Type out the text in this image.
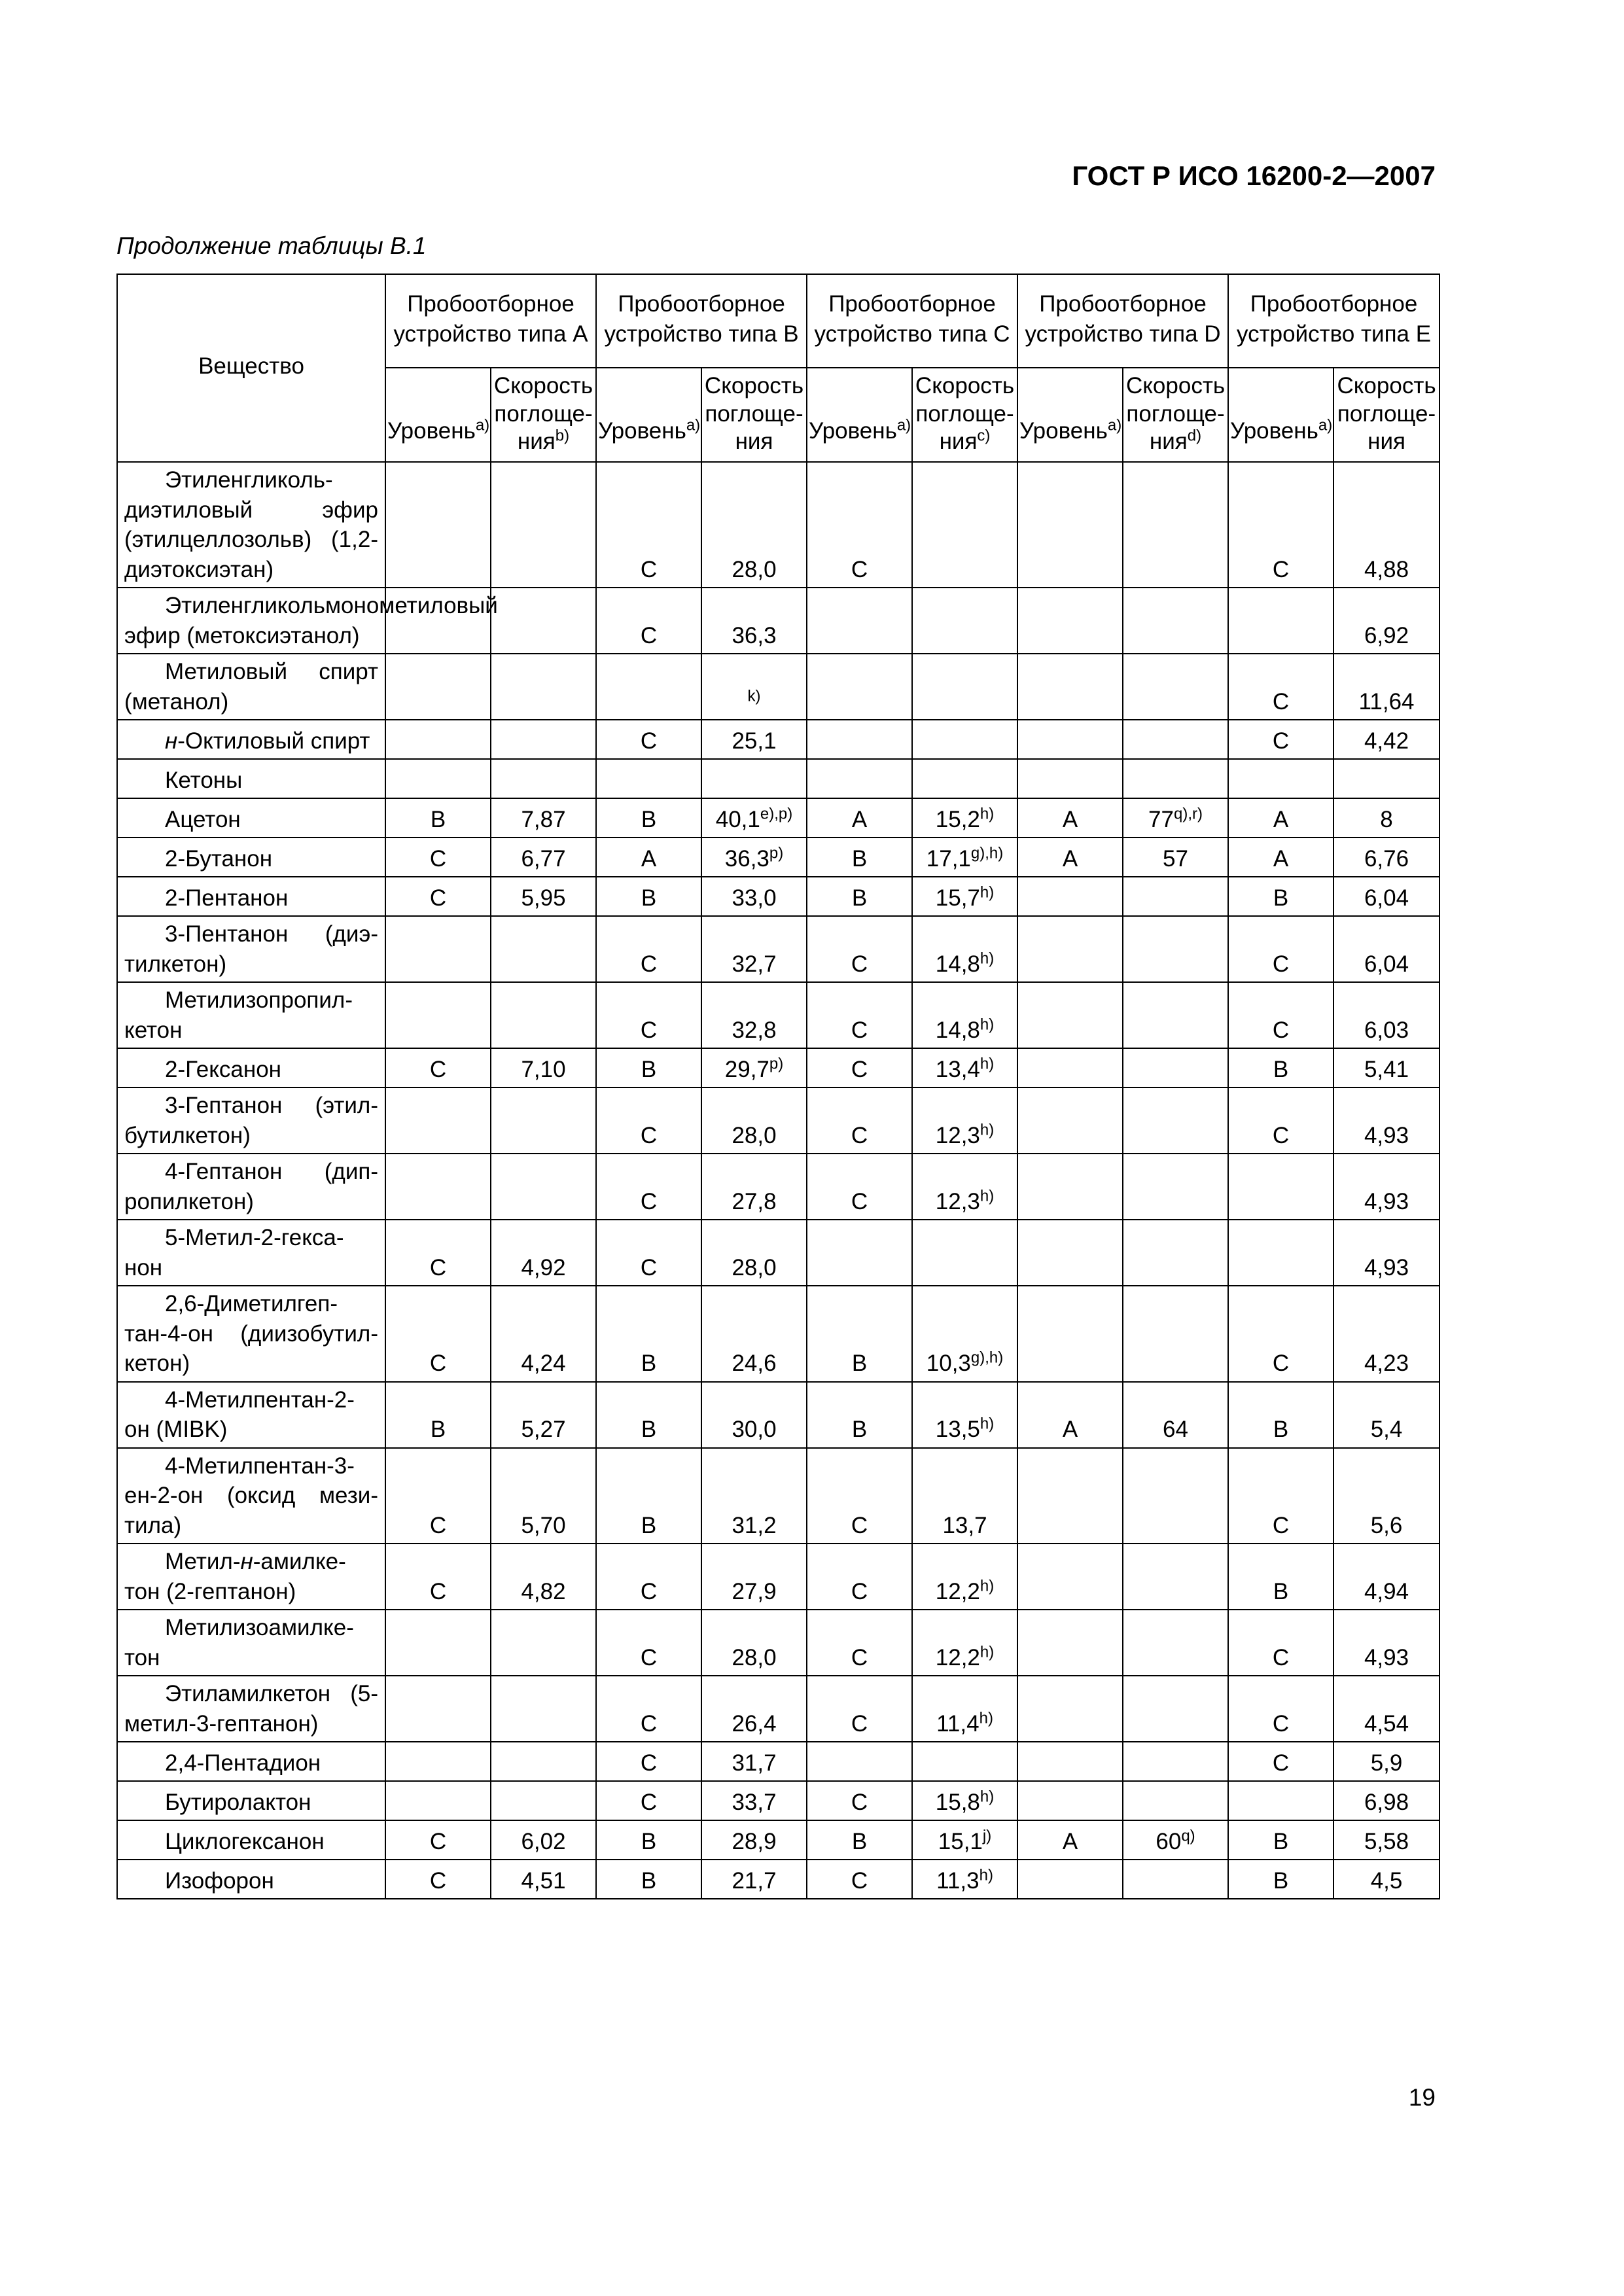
ГОСТ Р ИСО 16200-2—2007
Продолжение таблицы B.1
Вещество	Пробоотборное устройство типа A		Пробоотборное устройство типа B		Пробоотборное устройство типа C		Пробоотборное устройство типа D		Пробоотборное устройство типа E	
	Уровень$^{a)}$	Скорость поглоще- ния$^{b)}$	Уровень$^{a)}$	Скорость поглоще- ния	Уровень$^{a)}$	Скорость поглоще- ния$^{c)}$	Уровень$^{a)}$	Скорость поглоще- ния$^{d)}$	Уровень$^{a)}$	Скорость поглоще- ния

Этиленгликоль-диэтиловый эфир (этилцеллозольв) (1,2-диэтоксиэтан)			C	28,0	C				C	4,88

Этиленгликольмонометиловый эфир (метоксиэтанол)			C	36,3						6,92

Метиловый спирт (метанол)				$^{k)}$					C	11,64

н-Октиловый спирт			C	25,1					C	4,42

Кетоны										

Ацетон	B	7,87	B	$40,1^{e),p)}$	A	15,2$^{h)}$	A	$77^{q),r)}$	A	8

2-Бутанон	C	6,77	A	36,3$^{p)}$	B	$17,1^{g),h)}$	A	57	A	6,76

2-Пентанон	C	5,95	B	33,0	B	15,7$^{h)}$			B	6,04

3-Пентанон (диэ-тилкетон)			C	32,7	C	14,8$^{h)}$			C	6,04

Метилизопропил-кетон			C	32,8	C	14,8$^{h)}$			C	6,03

2-Гексанон	C	7,10	B	29,7$^{p)}$	C	13,4$^{h)}$			B	5,41

3-Гептанон (этил-бутилкетон)			C	28,0	C	12,3$^{h)}$			C	4,93

4-Гептанон (дип-ропилкетон)			C	27,8	C	12,3$^{h)}$				4,93

5-Метил-2-гекса-нон	C	4,92	C	28,0						4,93

2,6-Диметилгеп-тан-4-он (диизобутил-кетон)	C	4,24	B	24,6	B	$10,3^{g),h)}$			C	4,23

4-Метилпентан-2-он (MIBK)	B	5,27	B	30,0	B	13,5$^{h)}$	A	64	B	5,4

4-Метилпентан-3-ен-2-он (оксид мези-тила)	C	5,70	B	31,2	C	13,7			C	5,6

Метил-н-амилке-тон (2-гептанон)	C	4,82	C	27,9	C	12,2$^{h)}$			B	4,94

Метилизоамилке-тон			C	28,0	C	12,2$^{h)}$			C	4,93

Этиламилкетон (5-метил-3-гептанон)			C	26,4	C	11,4$^{h)}$			C	4,54

2,4-Пентадион			C	31,7					C	5,9

Бутиролактон			C	33,7	C	15,8$^{h)}$				6,98

Циклогексанон	C	6,02	B	28,9	B	15,1$^{j)}$	A	60$^{q)}$	B	5,58

Изофорон	C	4,51	B	21,7	C	11,3$^{h)}$			B	4,5
19
